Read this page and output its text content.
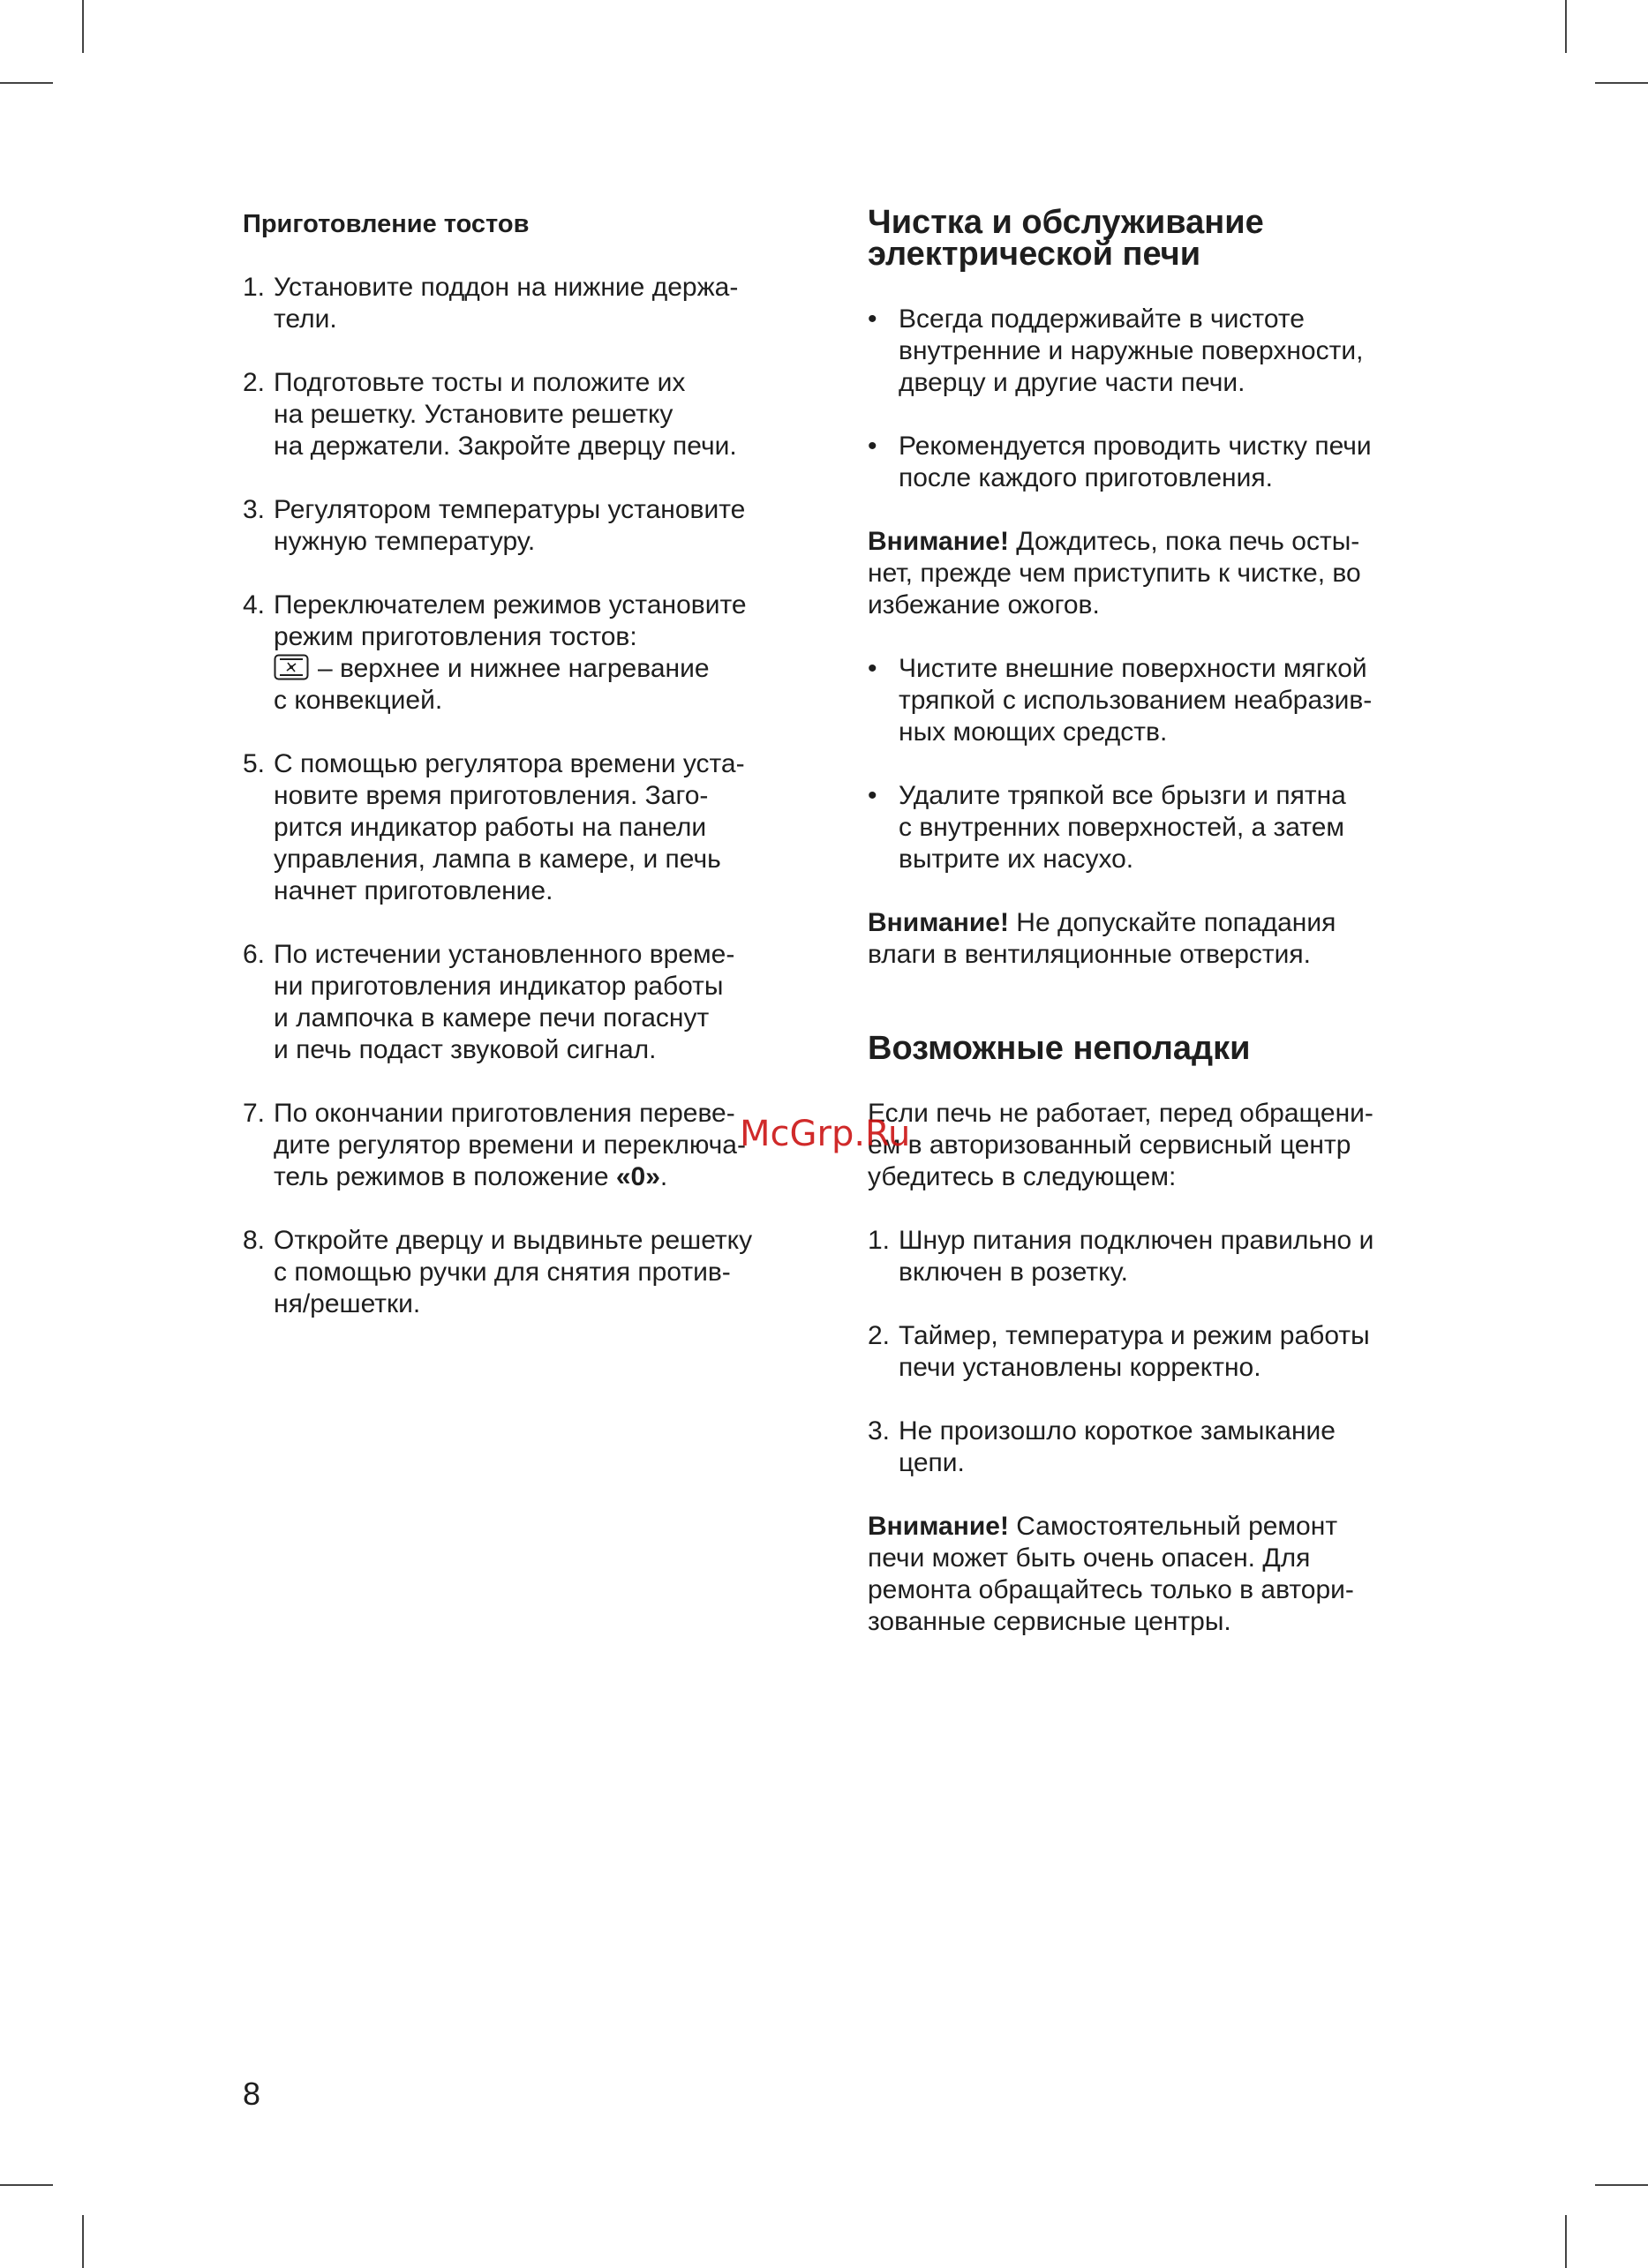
Приготовление тостов
1. Установите поддон на нижние держа-
тели.
2. Подготовьте тосты и положите их
на решетку. Установите решетку
на держатели. Закройте дверцу печи.
3. Регулятором температуры установите
нужную температуру.
4. Переключателем режимов установите
режим приготовления тостов:
– верхнее и нижнее нагревание
с конвекцией.
5. С помощью регулятора времени уста-
новите время приготовления. Заго-
рится индикатор работы на панели
управления, лампа в камере, и печь
начнет приготовление.
6. По истечении установленного време-
ни приготовления индикатор работы
и лампочка в камере печи погаснут
и печь подаст звуковой сигнал.
7. По окончании приготовления переве-
дите регулятор времени и переключа-
тель режимов в положение «0».
8. Откройте дверцу и выдвиньте решетку
с помощью ручки для снятия против-
ня/решетки.
Чистка и обслуживание
электрической печи
• Всегда поддерживайте в чистоте
внутренние и наружные поверхности,
дверцу и другие части печи.
• Рекомендуется проводить чистку печи
после каждого приготовления.
Внимание! Дождитесь, пока печь осты-
нет, прежде чем приступить к чистке, во
избежание ожогов.
• Чистите внешние поверхности мягкой
тряпкой с использованием неабразив-
ных моющих средств.
• Удалите тряпкой все брызги и пятна
с внутренних поверхностей, а затем
вытрите их насухо.
Внимание! Не допускайте попадания
влаги в вентиляционные отверстия.
Возможные неполадки
Если печь не работает, перед обращени-
ем в авторизованный сервисный центр
убедитесь в следующем:
1. Шнур питания подключен правильно и
включен в розетку.
2. Таймер, температура и режим работы
печи установлены корректно.
3. Не произошло короткое замыкание
цепи.
Внимание! Самостоятельный ремонт
печи может быть очень опасен. Для
ремонта обращайтесь только в автори-
зованные сервисные центры.
McGrp.Ru
8
